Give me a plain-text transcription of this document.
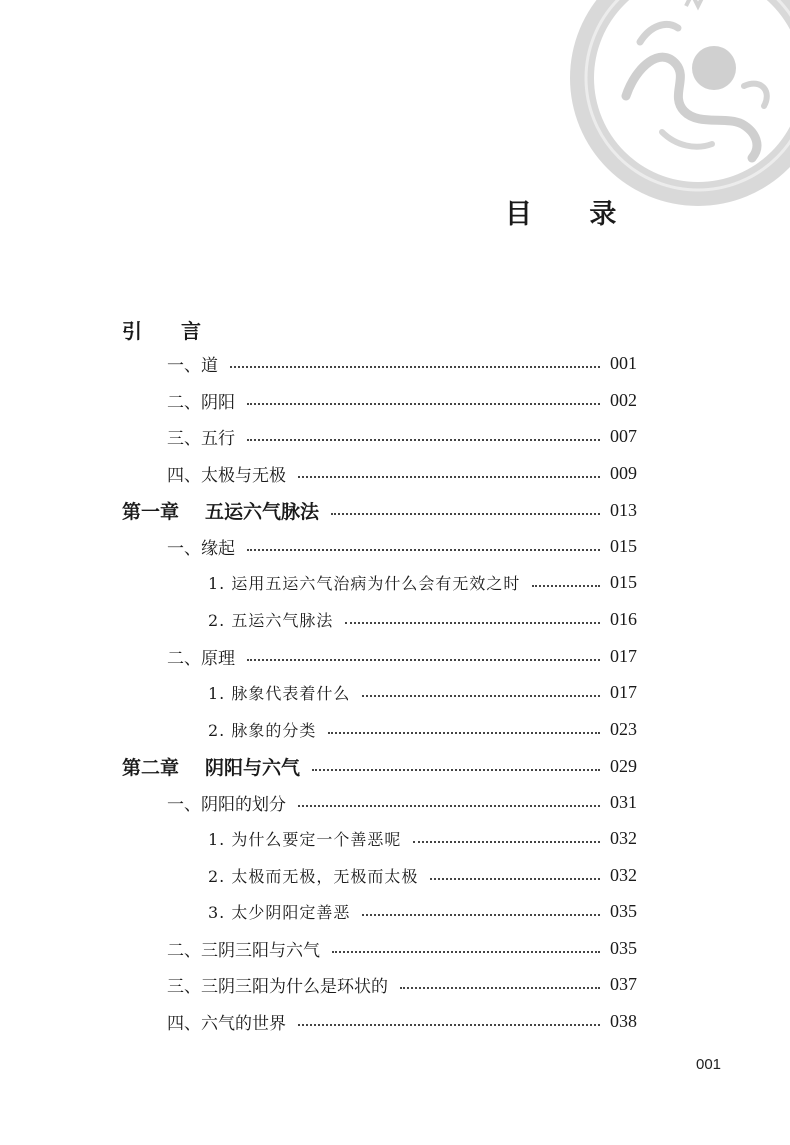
目 录
引 言
一、道	001
二、阴阳	002
三、五行	007
四、太极与无极	009
第一章 五运六气脉法	013
一、缘起	015
1. 运用五运六气治病为什么会有无效之时	015
2. 五运六气脉法	016
二、原理	017
1. 脉象代表着什么	017
2. 脉象的分类	023
第二章 阴阳与六气	029
一、阴阳的划分	031
1. 为什么要定一个善恶呢	032
2. 太极而无极，无极而太极	032
3. 太少阴阳定善恶	035
二、三阴三阳与六气	035
三、三阴三阳为什么是环状的	037
四、六气的世界	038
001
